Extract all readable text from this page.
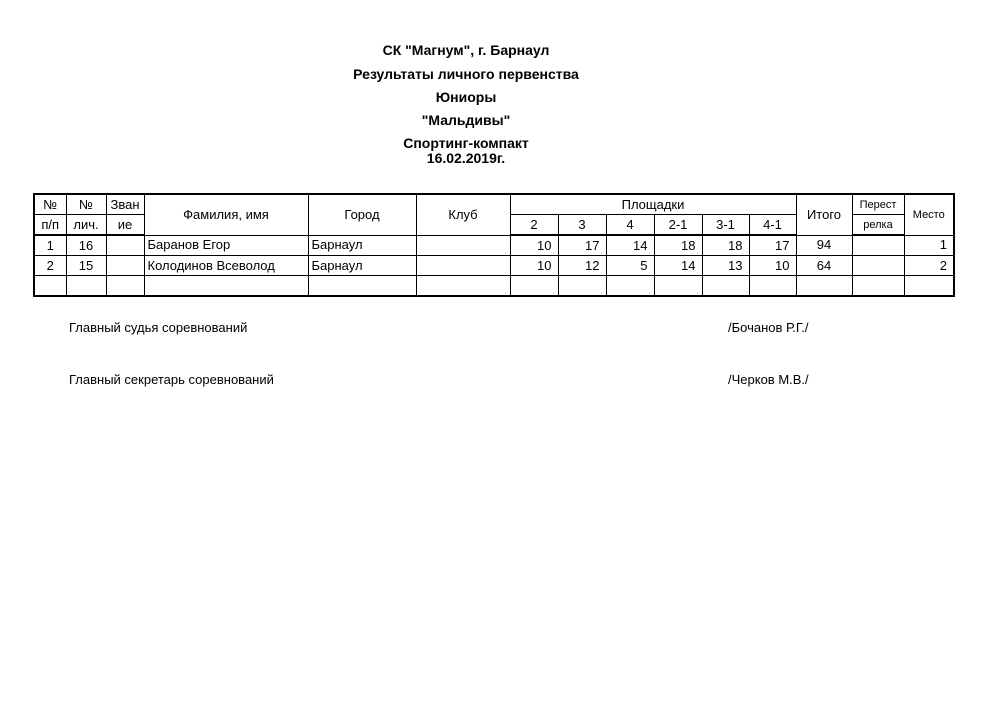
СК "Магнум", г. Барнаул
Результаты личного первенства
Юниоры
"Мальдивы"
Спортинг-компакт
16.02.2019г.
№	№	Зван	Фамилия, имя	Город	Клуб	Площадки						Итого	Перест	Место
п/п	лич.	ие				2	3	4	2-1	3-1	4-1		релка	
1	16		Баранов Егор	Барнаул		10	17	14	18	18	17	94		1
2	15		Колодинов Всеволод	Барнаул		10	12	5	14	13	10	64		2

Главный судья соревнований	/Бочанов Р.Г./
Главный секретарь соревнований	/Черков М.В./
